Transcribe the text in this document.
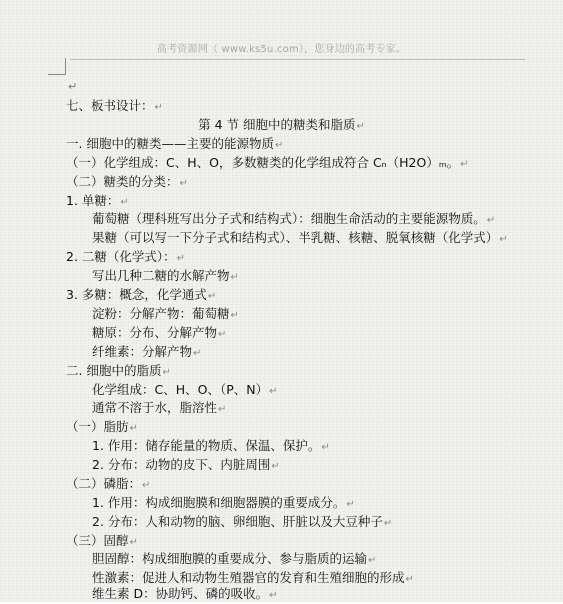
高考资源网（ www.ks5u.com），您身边的高考专家。
↵
七、板书设计：↵
第 4 节 细胞中的糖类和脂质↵
一. 细胞中的糖类——主要的能源物质↵
（一）化学组成：C、H、O，多数糖类的化学组成符合 Cₙ（H2O）ₘ。↵
（二）糖类的分类：↵
1. 单糖：↵
葡萄糖（理科班写出分子式和结构式）：细胞生命活动的主要能源物质。↵
果糖（可以写一下分子式和结构式）、半乳糖、核糖、脱氧核糖（化学式）↵
2. 二糖（化学式）：↵
写出几种二糖的水解产物↵
3. 多糖：概念，化学通式↵
淀粉：分解产物：葡萄糖↵
糖原：分布、分解产物↵
纤维素：分解产物↵
二. 细胞中的脂质↵
化学组成：C、H、O、（P、N）↵
通常不溶于水，脂溶性↵
（一）脂肪↵
1. 作用：储存能量的物质、保温、保护。↵
2. 分布：动物的皮下、内脏周围↵
（二）磷脂：↵
1. 作用：构成细胞膜和细胞器膜的重要成分。↵
2. 分布：人和动物的脑、卵细胞、肝脏以及大豆种子↵
（三）固醇↵
胆固醇：构成细胞膜的重要成分、参与脂质的运输↵
性激素：促进人和动物生殖器官的发育和生殖细胞的形成↵
维生素 D：协助钙、磷的吸收。↵
